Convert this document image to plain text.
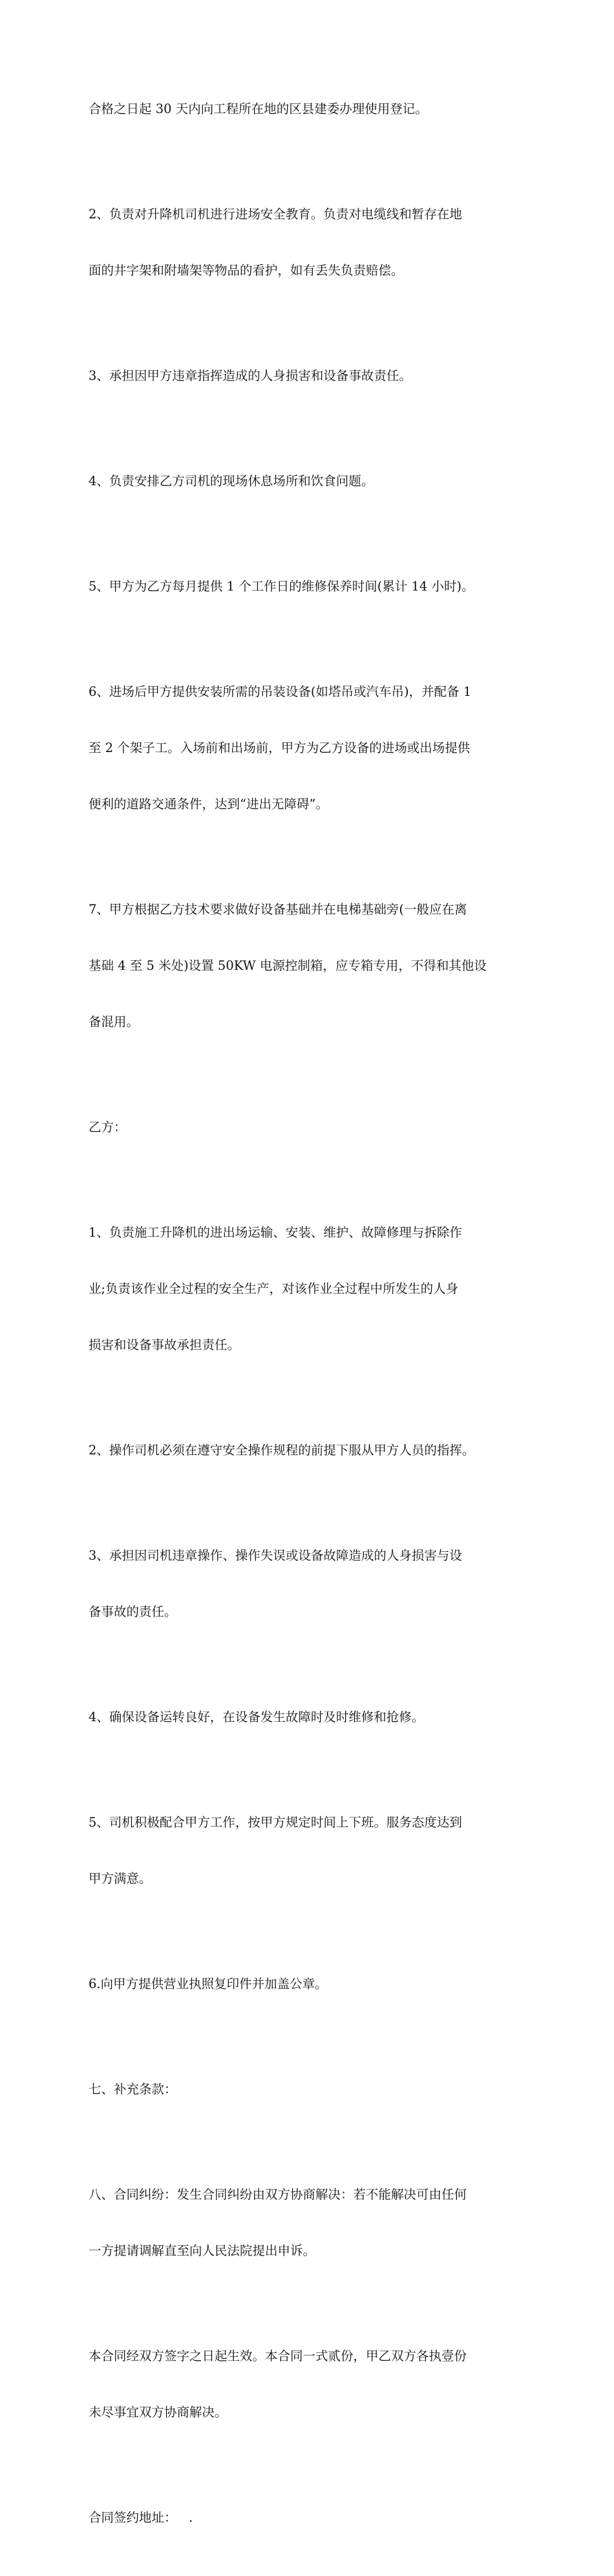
合格之日起 30 天内向工程所在地的区县建委办理使用登记。

2、负责对升降机司机进行进场安全教育。负责对电缆线和暂存在地

面的井字架和附墙架等物品的看护，如有丢失负责赔偿。

3、承担因甲方违章指挥造成的人身损害和设备事故责任。

4、负责安排乙方司机的现场休息场所和饮食问题。

5、甲方为乙方每月提供 1 个工作日的维修保养时间(累计 14 小时)。

6、进场后甲方提供安装所需的吊装设备(如塔吊或汽车吊)，并配备 1

至 2 个架子工。入场前和出场前，甲方为乙方设备的进场或出场提供

便利的道路交通条件，达到“进出无障碍”。

7、甲方根据乙方技术要求做好设备基础并在电梯基础旁(一般应在离

基础 4 至 5 米处)设置 50KW 电源控制箱，应专箱专用，不得和其他设

备混用。

乙方：

1、负责施工升降机的进出场运输、安装、维护、故障修理与拆除作

业;负责该作业全过程的安全生产，对该作业全过程中所发生的人身

损害和设备事故承担责任。

2、操作司机必须在遵守安全操作规程的前提下服从甲方人员的指挥。

3、承担因司机违章操作、操作失误或设备故障造成的人身损害与设

备事故的责任。

4、确保设备运转良好，在设备发生故障时及时维修和抢修。

5、司机积极配合甲方工作，按甲方规定时间上下班。服务态度达到

甲方满意。

6.向甲方提供营业执照复印件并加盖公章。

七、补充条款：

八、合同纠纷：发生合同纠纷由双方协商解决：若不能解决可由任何

一方提请调解直至向人民法院提出申诉。

本合同经双方签字之日起生效。本合同一式贰份，甲乙双方各执壹份

未尽事宜双方协商解决。

合同签约地址：   .
